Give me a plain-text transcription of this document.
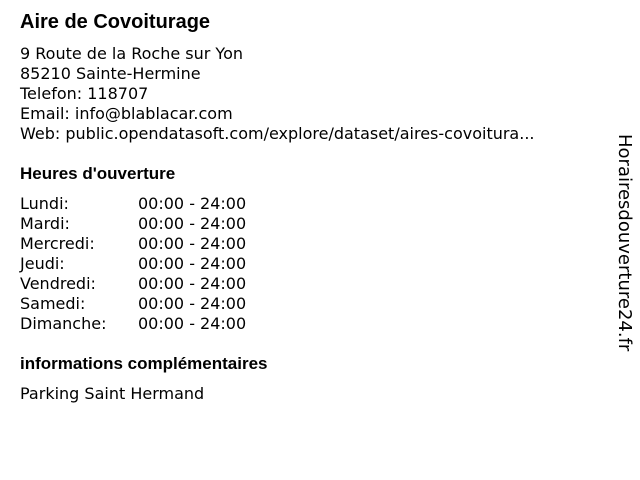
Aire de Covoiturage
9 Route de la Roche sur Yon
85210 Sainte-Hermine
Telefon: 118707
Email: info@blablacar.com
Web: public.opendatasoft.com/explore/dataset/aires-covoitura...
Heures d'ouverture
Lundi:	00:00 - 24:00
Mardi:	00:00 - 24:00
Mercredi:	00:00 - 24:00
Jeudi:	00:00 - 24:00
Vendredi:	00:00 - 24:00
Samedi:	00:00 - 24:00
Dimanche:	00:00 - 24:00
informations complémentaires
Parking Saint Hermand
Horairesdouverture24.fr
